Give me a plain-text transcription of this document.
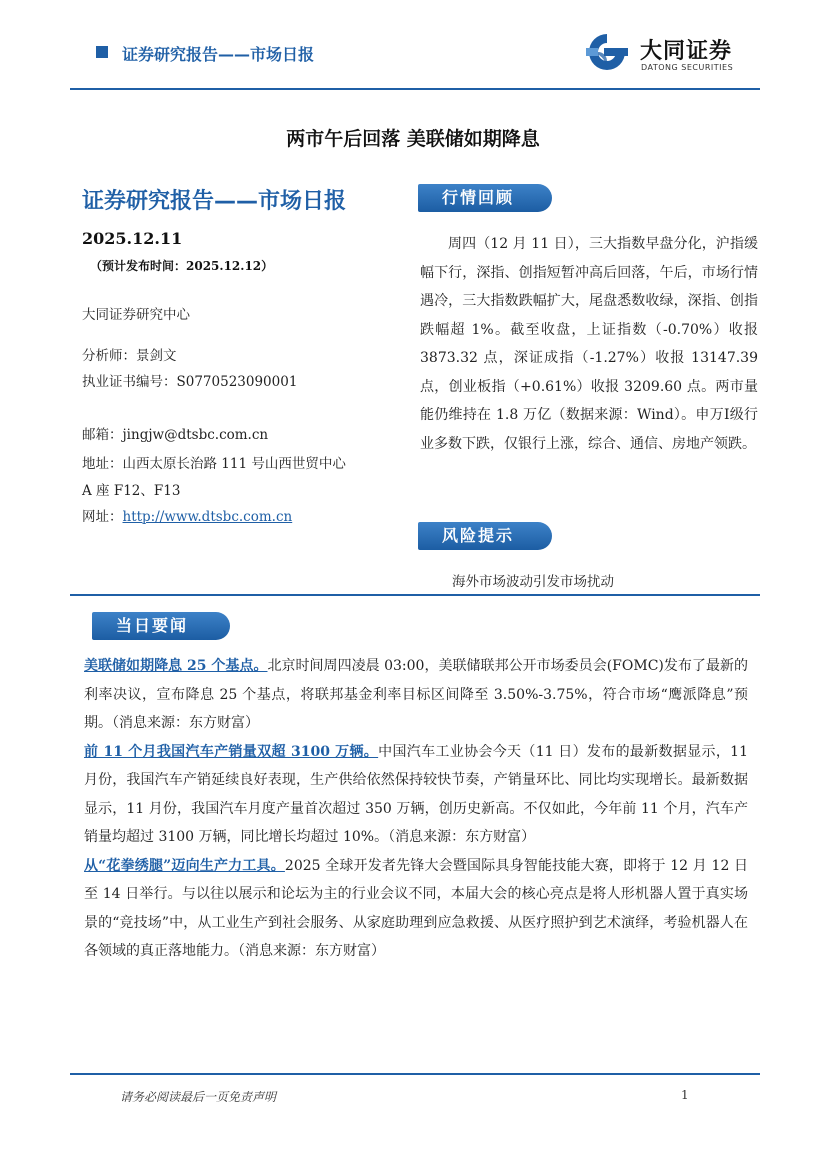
证券研究报告——市场日报	大同证券
DATONG SECURITIES
两市午后回落 美联储如期降息
证券研究报告——市场日报
2025.12.11
（预计发布时间：2025.12.12）
大同证券研究中心
分析师：景剑文
执业证书编号：S0770523090001
邮箱：jingjw@dtsbc.com.cn
地址：山西太原长治路 111 号山西世贸中心
A 座 F12、F13
网址：http://www.dtsbc.com.cn
行情回顾
周四（12 月 11 日），三大指数早盘分化，沪指缓幅下行，深指、创指短暂冲高后回落，午后，市场行情遇冷，三大指数跌幅扩大，尾盘悉数收绿，深指、创指跌幅超 1%。截至收盘，上证指数（-0.70%）收报 3873.32 点，深证成指（-1.27%）收报 13147.39 点，创业板指（+0.61%）收报 3209.60 点。两市量能仍维持在 1.8 万亿（数据来源：Wind）。申万Ⅰ级行业多数下跌，仅银行上涨，综合、通信、房地产领跌。
风险提示
海外市场波动引发市场扰动
当日要闻

美联储如期降息 25 个基点。北京时间周四凌晨 03:00，美联储联邦公开市场委员会(FOMC)发布了最新的利率决议，宣布降息 25 个基点，将联邦基金利率目标区间降至 3.50%-3.75%，符合市场“鹰派降息”预期。（消息来源：东方财富）

前 11 个月我国汽车产销量双超 3100 万辆。中国汽车工业协会今天（11 日）发布的最新数据显示，11 月份，我国汽车产销延续良好表现，生产供给依然保持较快节奏，产销量环比、同比均实现增长。最新数据显示，11 月份，我国汽车月度产量首次超过 350 万辆，创历史新高。不仅如此，今年前 11 个月，汽车产销量均超过 3100 万辆，同比增长均超过 10%。（消息来源：东方财富）

从“花拳绣腿”迈向生产力工具。2025 全球开发者先锋大会暨国际具身智能技能大赛，即将于 12 月 12 日至 14 日举行。与以往以展示和论坛为主的行业会议不同，本届大会的核心亮点是将人形机器人置于真实场景的“竞技场”中，从工业生产到社会服务、从家庭助理到应急救援、从医疗照护到艺术演绎，考验机器人在各领域的真正落地能力。（消息来源：东方财富）

请务必阅读最后一页免责声明	1
